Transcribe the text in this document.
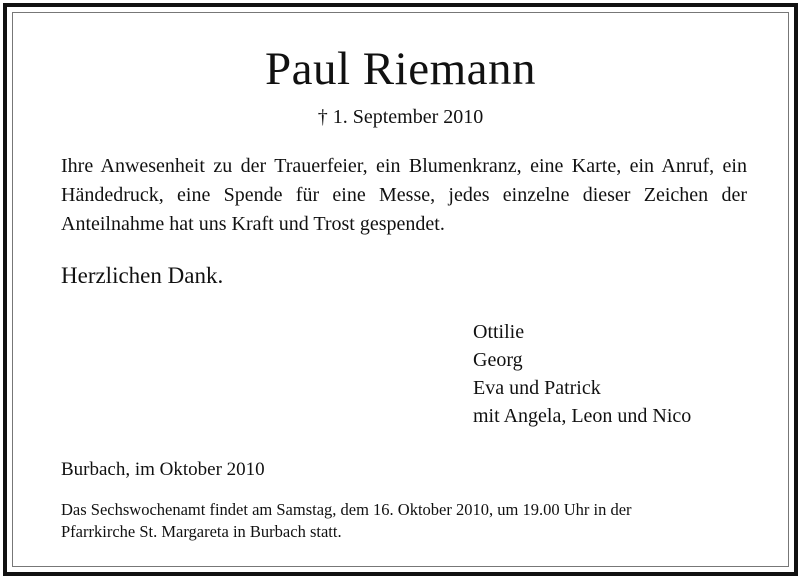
Paul Riemann
† 1. September 2010

Ihre Anwesenheit zu der Trauerfeier, ein Blumenkranz, eine Karte, ein Anruf, ein Händedruck, eine Spende für eine Messe, jedes einzelne dieser Zeichen der Anteilnahme hat uns Kraft und Trost gespendet.

Herzlichen Dank.
Ottilie
Georg
Eva und Patrick
mit Angela, Leon und Nico
Burbach, im Oktober 2010

Das Sechswochenamt findet am Samstag, dem 16. Oktober 2010, um 19.00 Uhr in der Pfarrkirche St. Margareta in Burbach statt.
